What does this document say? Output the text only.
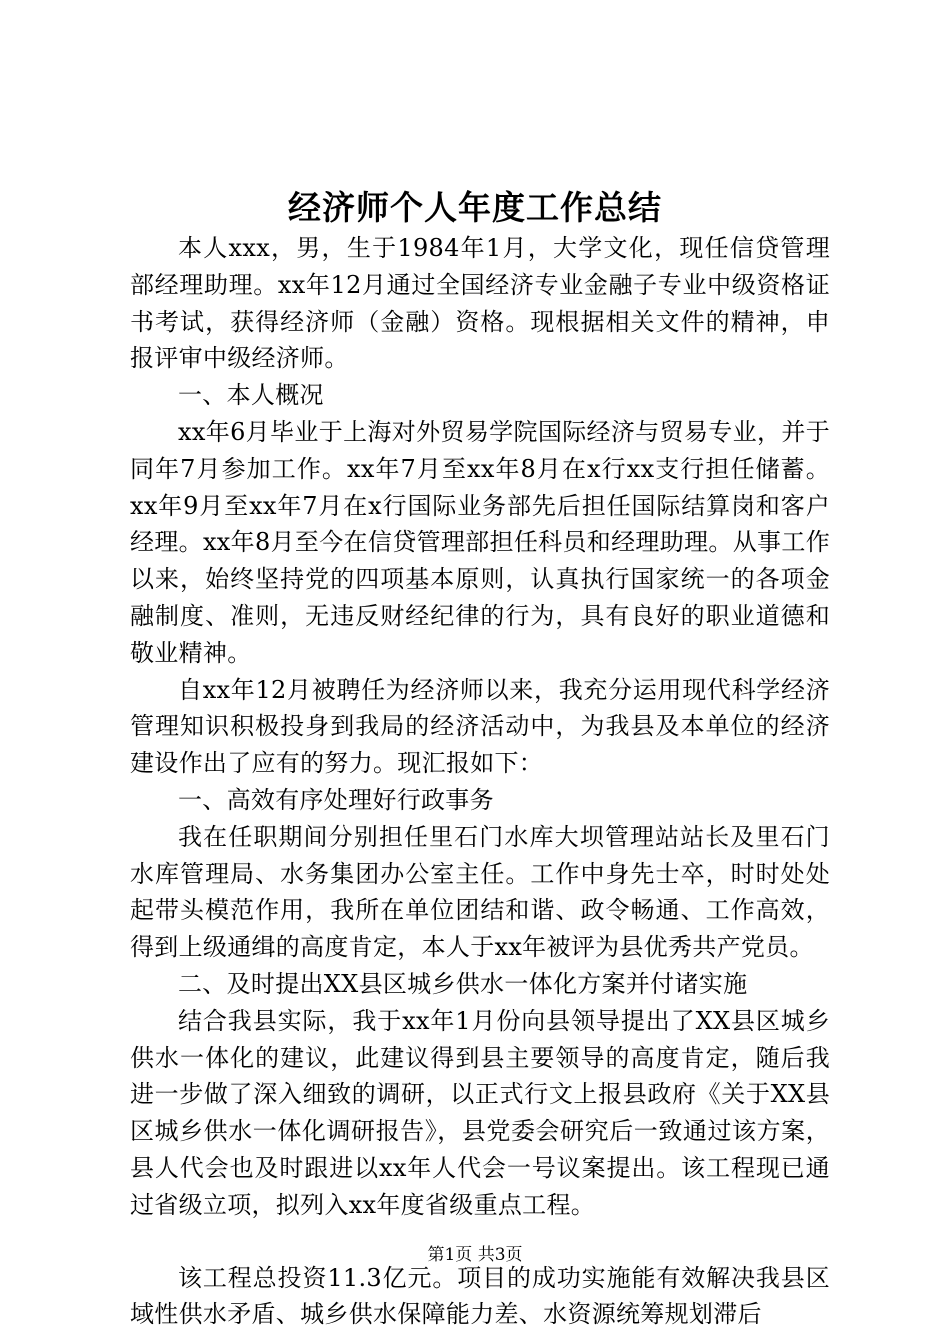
经济师个人年度工作总结

本人xxx，男，生于1984年1月，大学文化，现任信贷管理部经理助理。xx年12月通过全国经济专业金融子专业中级资格证书考试，获得经济师（金融）资格。现根据相关文件的精神，申报评审中级经济师。

一、本人概况

xx年6月毕业于上海对外贸易学院国际经济与贸易专业，并于同年7月参加工作。xx年7月至xx年8月在x行xx支行担任储蓄。xx年9月至xx年7月在x行国际业务部先后担任国际结算岗和客户经理。xx年8月至今在信贷管理部担任科员和经理助理。从事工作以来，始终坚持党的四项基本原则，认真执行国家统一的各项金融制度、准则，无违反财经纪律的行为，具有良好的职业道德和敬业精神。

自xx年12月被聘任为经济师以来，我充分运用现代科学经济管理知识积极投身到我局的经济活动中，为我县及本单位的经济建设作出了应有的努力。现汇报如下：

一、高效有序处理好行政事务

我在任职期间分别担任里石门水库大坝管理站站长及里石门水库管理局、水务集团办公室主任。工作中身先士卒，时时处处起带头模范作用，我所在单位团结和谐、政令畅通、工作高效，得到上级通缉的高度肯定，本人于xx年被评为县优秀共产党员。

二、及时提出XX县区城乡供水一体化方案并付诸实施

结合我县实际，我于xx年1月份向县领导提出了XX县区城乡供水一体化的建议，此建议得到县主要领导的高度肯定，随后我进一步做了深入细致的调研，以正式行文上报县政府《关于XX县区城乡供水一体化调研报告》，县党委会研究后一致通过该方案，县人代会也及时跟进以xx年人代会一号议案提出。该工程现已通过省级立项，拟列入xx年度省级重点工程。

该工程总投资11.3亿元。项目的成功实施能有效解决我县区域性供水矛盾、城乡供水保障能力差、水资源统筹规划滞后

第1页 共3页
